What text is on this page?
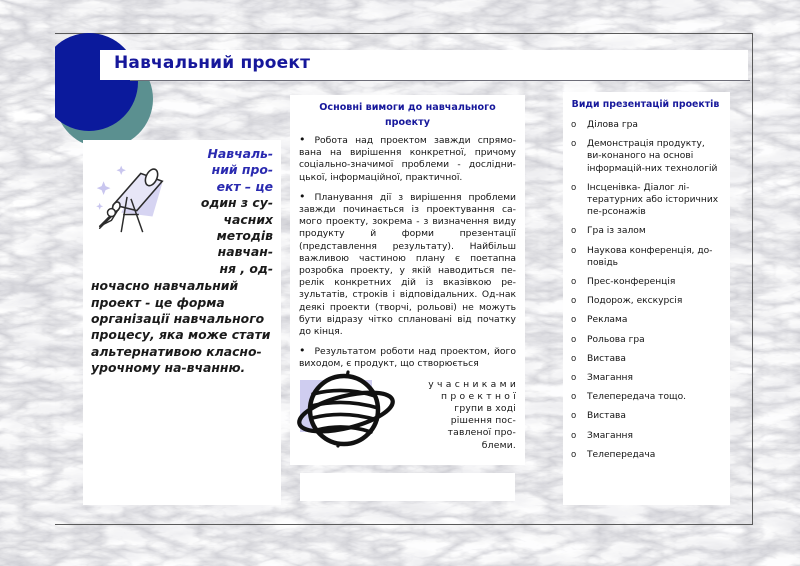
Навчальний проект
Навчаль-
ний про-
ект – це
один з су-
часних
методів
навчан-
ня , од-
ночасно навчальний проект - це форма організації навчального процесу, яка може стати альтернативою класно-урочному на-вчанню.
Основні вимоги до навчального проекту

• Робота над проектом завжди спрямо-вана на вирішення конкретної, причому соціально-значимої проблеми - дослідни-цької, інформаційної, практичної.

• Планування дії з вирішення проблеми завжди починається із проектування са-мого проекту, зокрема - з визначення виду продукту й форми презентації (представлення результату). Найбільш важливою частиною плану є поетапна розробка проекту, у якій наводиться пе-релік конкретних дій із вказівкою ре-зультатів, строків і відповідальних. Од-нак деякі проекти (творчі, рольові) не можуть бути відразу чітко сплановані від початку до кінця.

• Результатом роботи над проектом, його виходом, є продукт, що створюється

у ч а с н и к а м и
п р о е к т н о ї
групи в ході
рішення пос-
тавленої про-
блеми.

Види презентацій проектів
o	Ділова гра
o	Демонстрація продукту, ви-конаного на основі інформацій-них технологій
o	Інсценівка- Діалог лі-тературних або історичних пе-рсонажів
o	Гра із залом
o	Наукова конференція, до-повідь
o	Прес-конференція
o	Подорож, екскурсія
o	Реклама
o	Рольова гра
o	Вистава
o	Змагання
o	Телепередача тощо.
o	Вистава
o	Змагання
o	Телепередача
